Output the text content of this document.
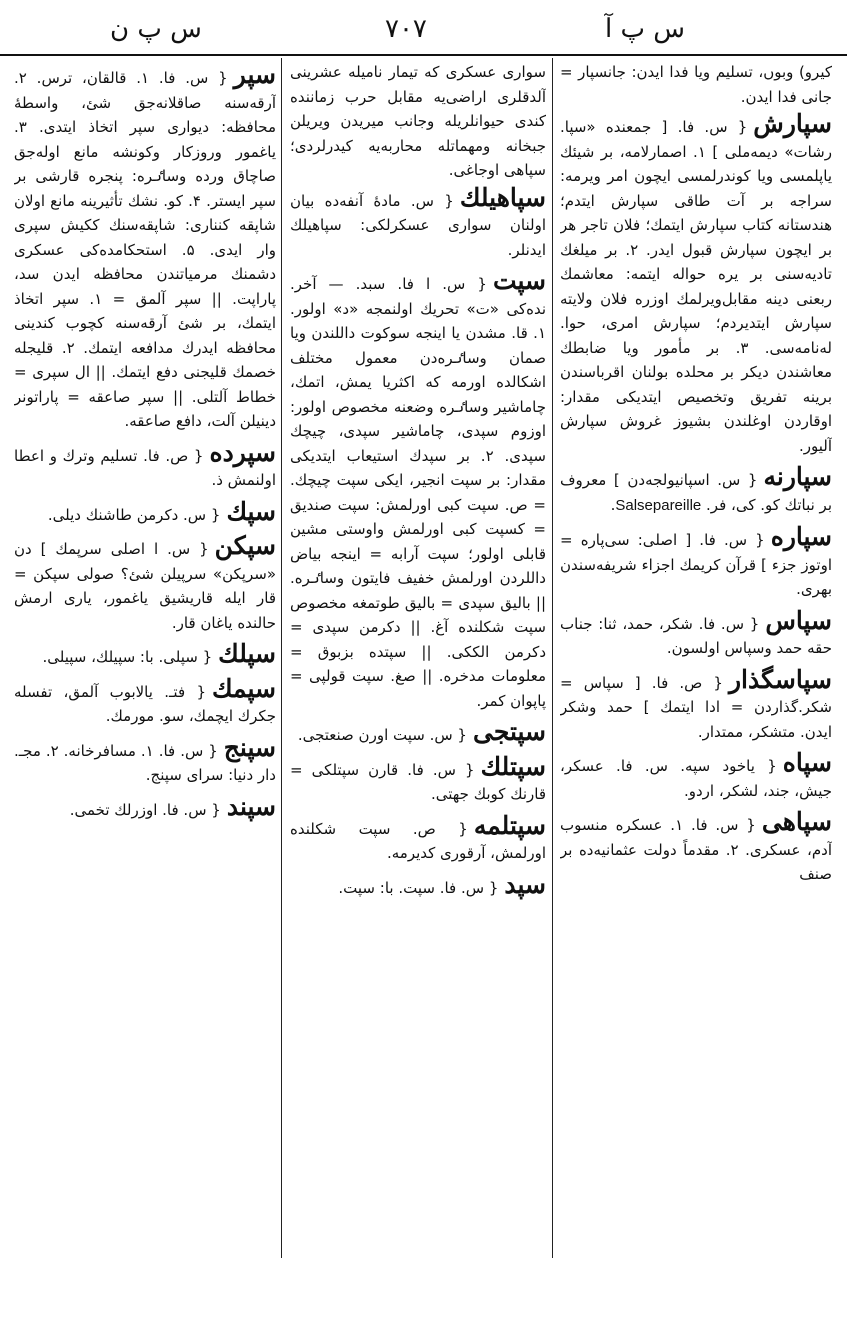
س پ ن	٧٠٧	س پ آ

کیرو) وبوں، تسلیم ویا فدا ایدن: جانسپار = جانی فدا ایدن.

سپارش{ س. فا. [ جمعنده «سپا. رشات» دیمه‌ملی ] ۱. اصمارلامه، بر شیئك یاپلمسی ویا کوندرلمسی ایچون امر ویرمه: سراجه بر آت طاقی سپارش ایتدم؛ هندستانه کتاب سپارش ایتمك؛ فلان تاجر هر بر ایچون سپارش قبول ایدر. ۲. بر میلغك تادیه‌سنی بر یره حواله ایتمه: معاشمك ربعنی دینه مقابل‌ویرلمك اوزره فلان ولایته سپارش ایتدیردم؛ سپارش امری، حوا. له‌نامه‌سی. ۳. بر مأمور ویا ضابطك معاشندن دیکر بر محلده بولنان اقرباسندن برینه تفریق وتخصیص ایتدیکی مقدار: اوقاردن اوغلندن بشیوز غروش سپارش آلیور.
سپارنه{ س. اسپانیولجه‌دن ] معروف بر نباتك کو. کی، فر. Salsepareille.
سپاره{ س. فا. [ اصلی: سی‌پاره = اوتوز جزء ] قرآن کریمك اجزاء شریفه‌سندن بهری.
سپاس{ س. فا. شکر، حمد، ثنا: جناب حقه حمد وسپاس اولسون.
سپاسگذار{ ص. فا. [ سپاس = شکر.گذاردن = ادا ایتمك ] حمد وشکر ایدن. متشکر، ممتدار.
سپاه{ یاخود سپه. س. فا. عسکر، جیش، جند، لشکر، اردو.
سپاهی{ س. فا. ۱. عسکره منسوب آدم، عسکری. ۲. مقدماً دولت عثمانیه‌ده بر صنف

سواری عسکری که تیمار نامیله عشرینی آلدقلری اراضی‌یه مقابل حرب زماننده کندی حیوانلریله وجانب میریدن ویریلن جبخانه ومهماتله محاربه‌یه کیدرلردی؛ سپاهی اوجاغی.

سپاهیلك{ س. مادهٔ آنفه‌ده بیان اولنان سواری عسکرلکی: سپاهیلك ایدنلر.
سپت{ س. ا فا. سبد. — آخر. نده‌کی «ت» تحریك اولنمجه «د» اولور. ۱. قا. مشدن یا اینجه سوکوت داللندن ویا صمان وساٸره‌دن معمول مختلف اشکالده اورمه که اکثریا یمش، اتمك، چاماشیر وساٸره وضعنه مخصوص اولور: اوزوم سپدی، چاماشیر سپدی، چیچك سپدی. ۲. بر سپدك استیعاب ایتدیکی مقدار: بر سپت انجیر، ایکی سپت چیچك. = ص. سپت کبی اورلمش: سپت صندیق = کسپت کبی اورلمش واوستی مشین قابلی اولور؛ سپت آرابه = اینجه بیاض داللردن اورلمش خفیف فایتون وساٸره. || بالیق سپدی = بالیق طوتمغه مخصوص سپت شکلنده آغ. || دکرمن سپدی = دکرمن الککی. || سپتده بزبوق = معلومات مدخره. || صغ. سپت قولپی = پاپوان کمر.
سپتجی{ س. سپت اورن صنعتجی.
سپتلك{ س. فا. قارن سپتلکی = قارنك کوبك جهتی.
سپتلمه{ ص. سپت شکلنده اورلمش، آرقوری کدیرمه.
سپد{ س. فا. سپت. با: سپت.
سپر{ س. فا. ۱. قالقان، ترس. ۲. آرقه‌سنه صاقلانه‌جق شئ، واسطهٔ محافظه: دیواری سپر اتخاذ ایتدی. ۳. یاغمور وروزکار وکونشه مانع اوله‌جق صاچاق ورده وساٸره: پنجره قارشی بر سپر ایستر. ۴. کو. نشك تأثیرینه مانع اولان شاپقه کنناری: شاپقه‌سنك ککیش سپری وار ایدی. ۵. استحکامده‌کی عسکری دشمنك مرمیاتندن محافظه ایدن سد، پاراپت. || سپر آلمق = ۱. سپر اتخاذ ایتمك، بر شئ آرقه‌سنه کچوب کندینی محافظه ایدرك مدافعه ایتمك. ۲. قلیجله خصمك قلیجنی دفع ایتمك. || ال سپری = خطاط آلتلی. || سپر صاعقه = پاراتونر دینیلن آلت، دافع صاعقه.
سپرده{ ص. فا. تسلیم وترك و اعطا اولنمش ذ.
سپك{ س. دکرمن طاشنك دیلی.
سپکن{ س. ا اصلی سرپمك ] دن «سرپکن» سرپیلن شئ؟ صولی سپکن = قار ایله قاریشیق یاغمور، یاری ارمش حالنده یاغان قار.
سپلك{ سپلی. با: سپیلك، سپیلی.
سپمك{ فتـ. یالابوب آلمق، تفسله جکرك ایچمك، سو. مورمك.
سپنج{ س. فا. ۱. مسافرخانه. ۲. مجـ. دار دنیا: سرای سپنج.
سپند{ س. فا. اوزرلك تخمی.
